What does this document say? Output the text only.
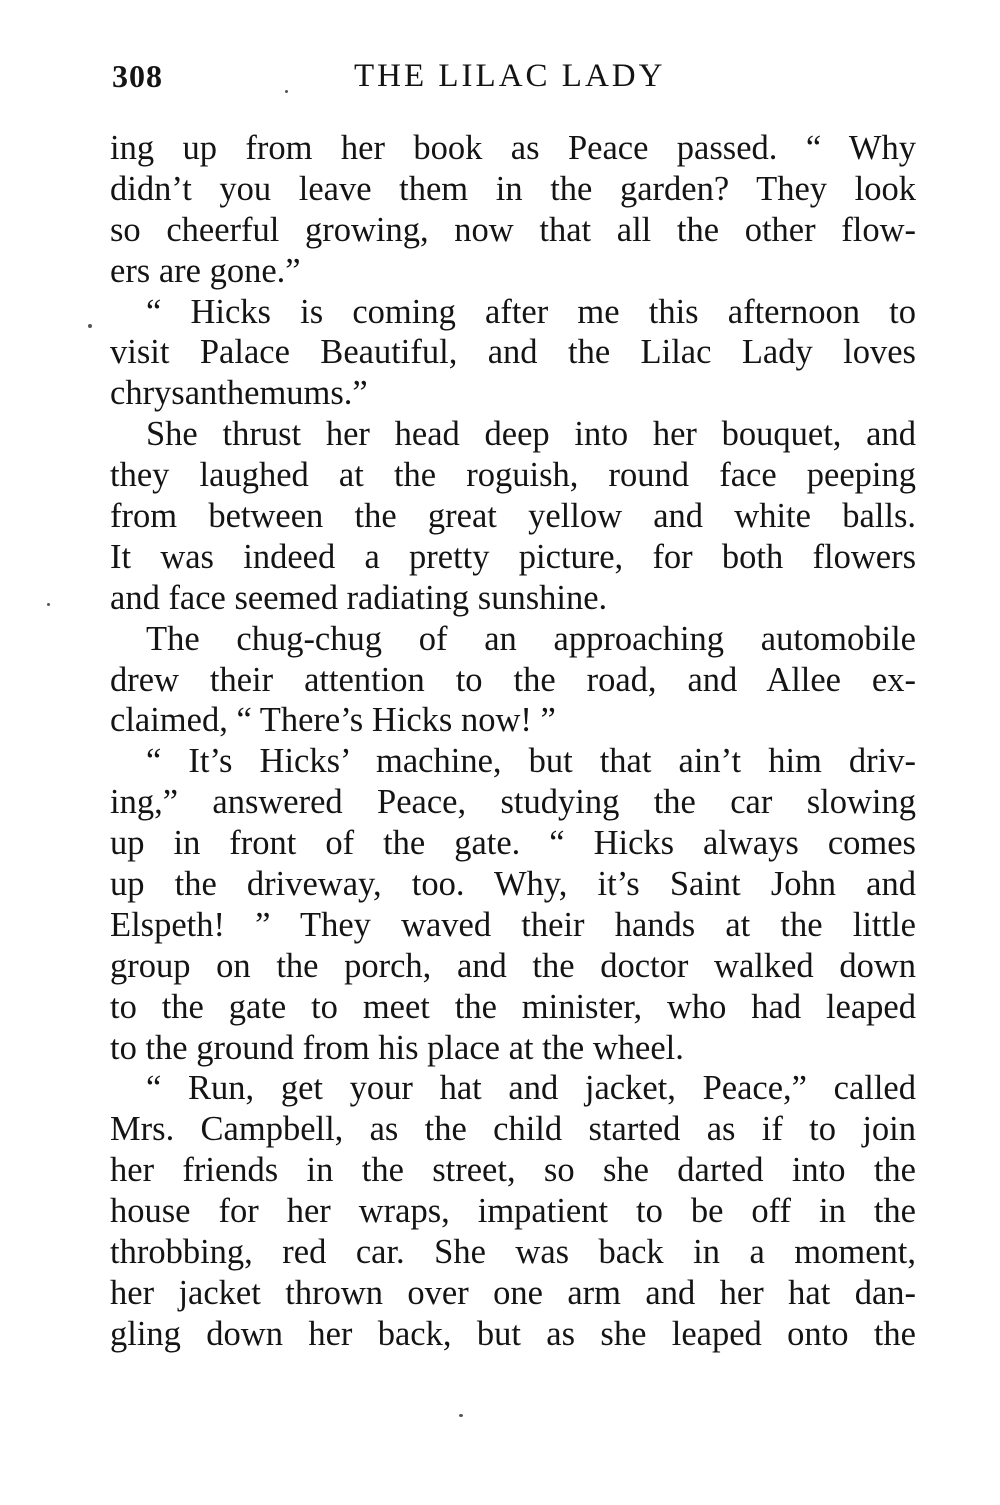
308	THE LILAC LADY
ing up from her book as Peace passed. “ Why
didn’t you leave them in the garden? They look
so cheerful growing, now that all the other flow-
ers are gone.”
“ Hicks is coming after me this afternoon to
visit Palace Beautiful, and the Lilac Lady loves
chrysanthemums.”
She thrust her head deep into her bouquet, and
they laughed at the roguish, round face peeping
from between the great yellow and white balls.
It was indeed a pretty picture, for both flowers
and face seemed radiating sunshine.
The chug-chug of an approaching automobile
drew their attention to the road, and Allee ex-
claimed, “ There’s Hicks now! ”
“ It’s Hicks’ machine, but that ain’t him driv-
ing,” answered Peace, studying the car slowing
up in front of the gate. “ Hicks always comes
up the driveway, too. Why, it’s Saint John and
Elspeth! ” They waved their hands at the little
group on the porch, and the doctor walked down
to the gate to meet the minister, who had leaped
to the ground from his place at the wheel.
“ Run, get your hat and jacket, Peace,” called
Mrs. Campbell, as the child started as if to join
her friends in the street, so she darted into the
house for her wraps, impatient to be off in the
throbbing, red car. She was back in a moment,
her jacket thrown over one arm and her hat dan-
gling down her back, but as she leaped onto the
